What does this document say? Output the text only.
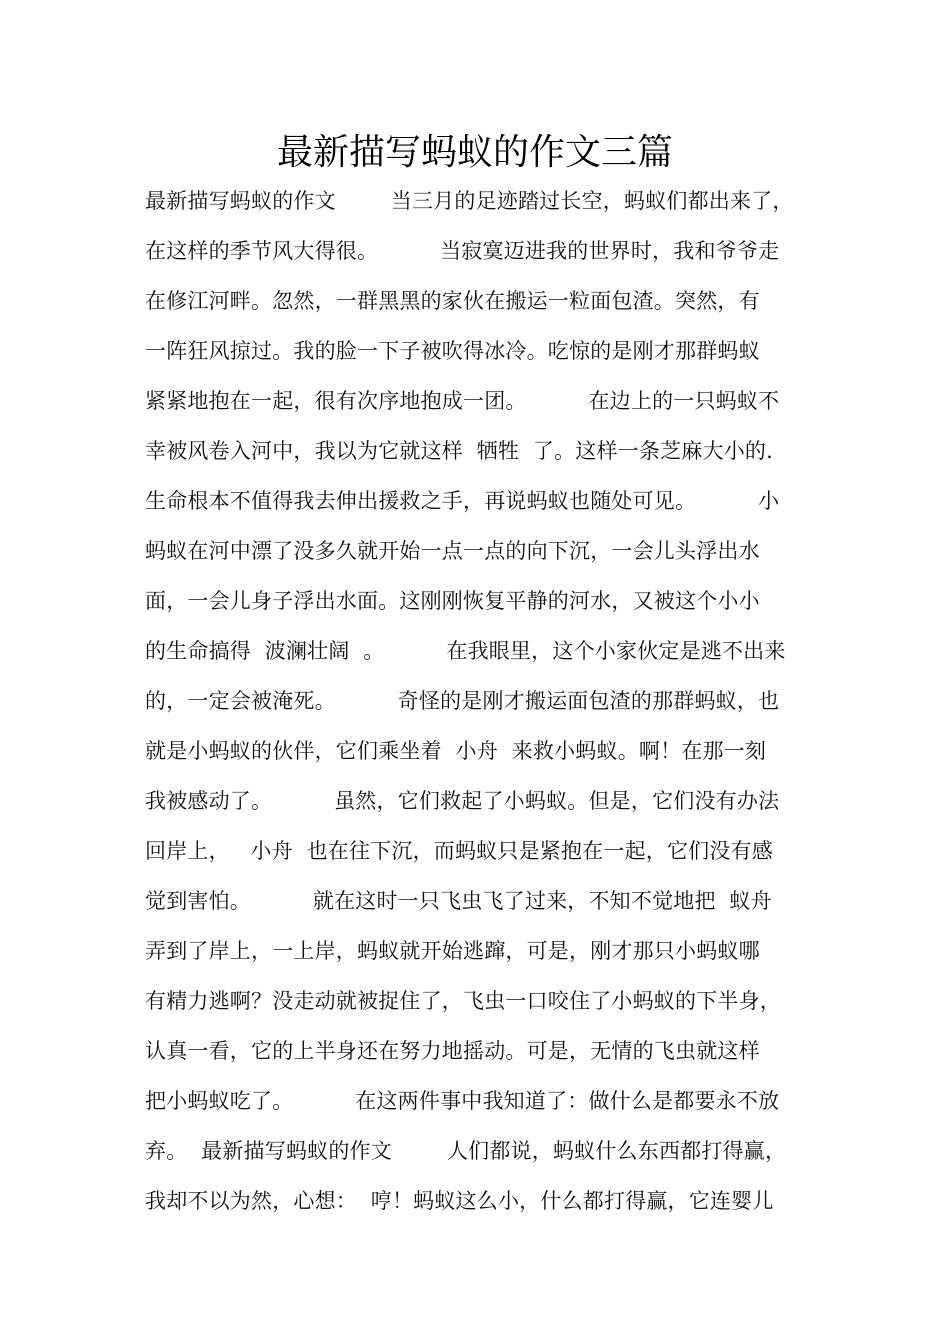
最新描写蚂蚁的作文三篇
最新描写蚂蚁的作文        当三月的足迹踏过长空，蚂蚁们都出来了，
在这样的季节风大得很。         当寂寞迈进我的世界时，我和爷爷走
在修江河畔。忽然，一群黑黑的家伙在搬运一粒面包渣。突然，有
一阵狂风掠过。我的脸一下子被吹得冰冷。吃惊的是刚才那群蚂蚁
紧紧地抱在一起，很有次序地抱成一团。         在边上的一只蚂蚁不
幸被风卷入河中，我以为它就这样  牺牲  了。这样一条芝麻大小的.
生命根本不值得我去伸出援救之手，再说蚂蚁也随处可见。         小
蚂蚁在河中漂了没多久就开始一点一点的向下沉，一会儿头浮出水
面，一会儿身子浮出水面。这刚刚恢复平静的河水，又被这个小小
的生命搞得  波澜壮阔  。         在我眼里，这个小家伙定是逃不出来
的，一定会被淹死。         奇怪的是刚才搬运面包渣的那群蚂蚁，也
就是小蚂蚁的伙伴，它们乘坐着  小舟  来救小蚂蚁。啊！在那一刻
我被感动了。         虽然，它们救起了小蚂蚁。但是，它们没有办法
回岸上，   小舟  也在往下沉，而蚂蚁只是紧抱在一起，它们没有感
觉到害怕。         就在这时一只飞虫飞了过来，不知不觉地把  蚁舟
弄到了岸上，一上岸，蚂蚁就开始逃蹿，可是，刚才那只小蚂蚁哪
有精力逃啊？没走动就被捉住了，飞虫一口咬住了小蚂蚁的下半身，
认真一看，它的上半身还在努力地摇动。可是，无情的飞虫就这样
把小蚂蚁吃了。         在这两件事中我知道了：做什么是都要永不放
弃。  最新描写蚂蚁的作文        人们都说，蚂蚁什么东西都打得赢，
我却不以为然，心想：  哼！蚂蚁这么小，什么都打得赢，它连婴儿
